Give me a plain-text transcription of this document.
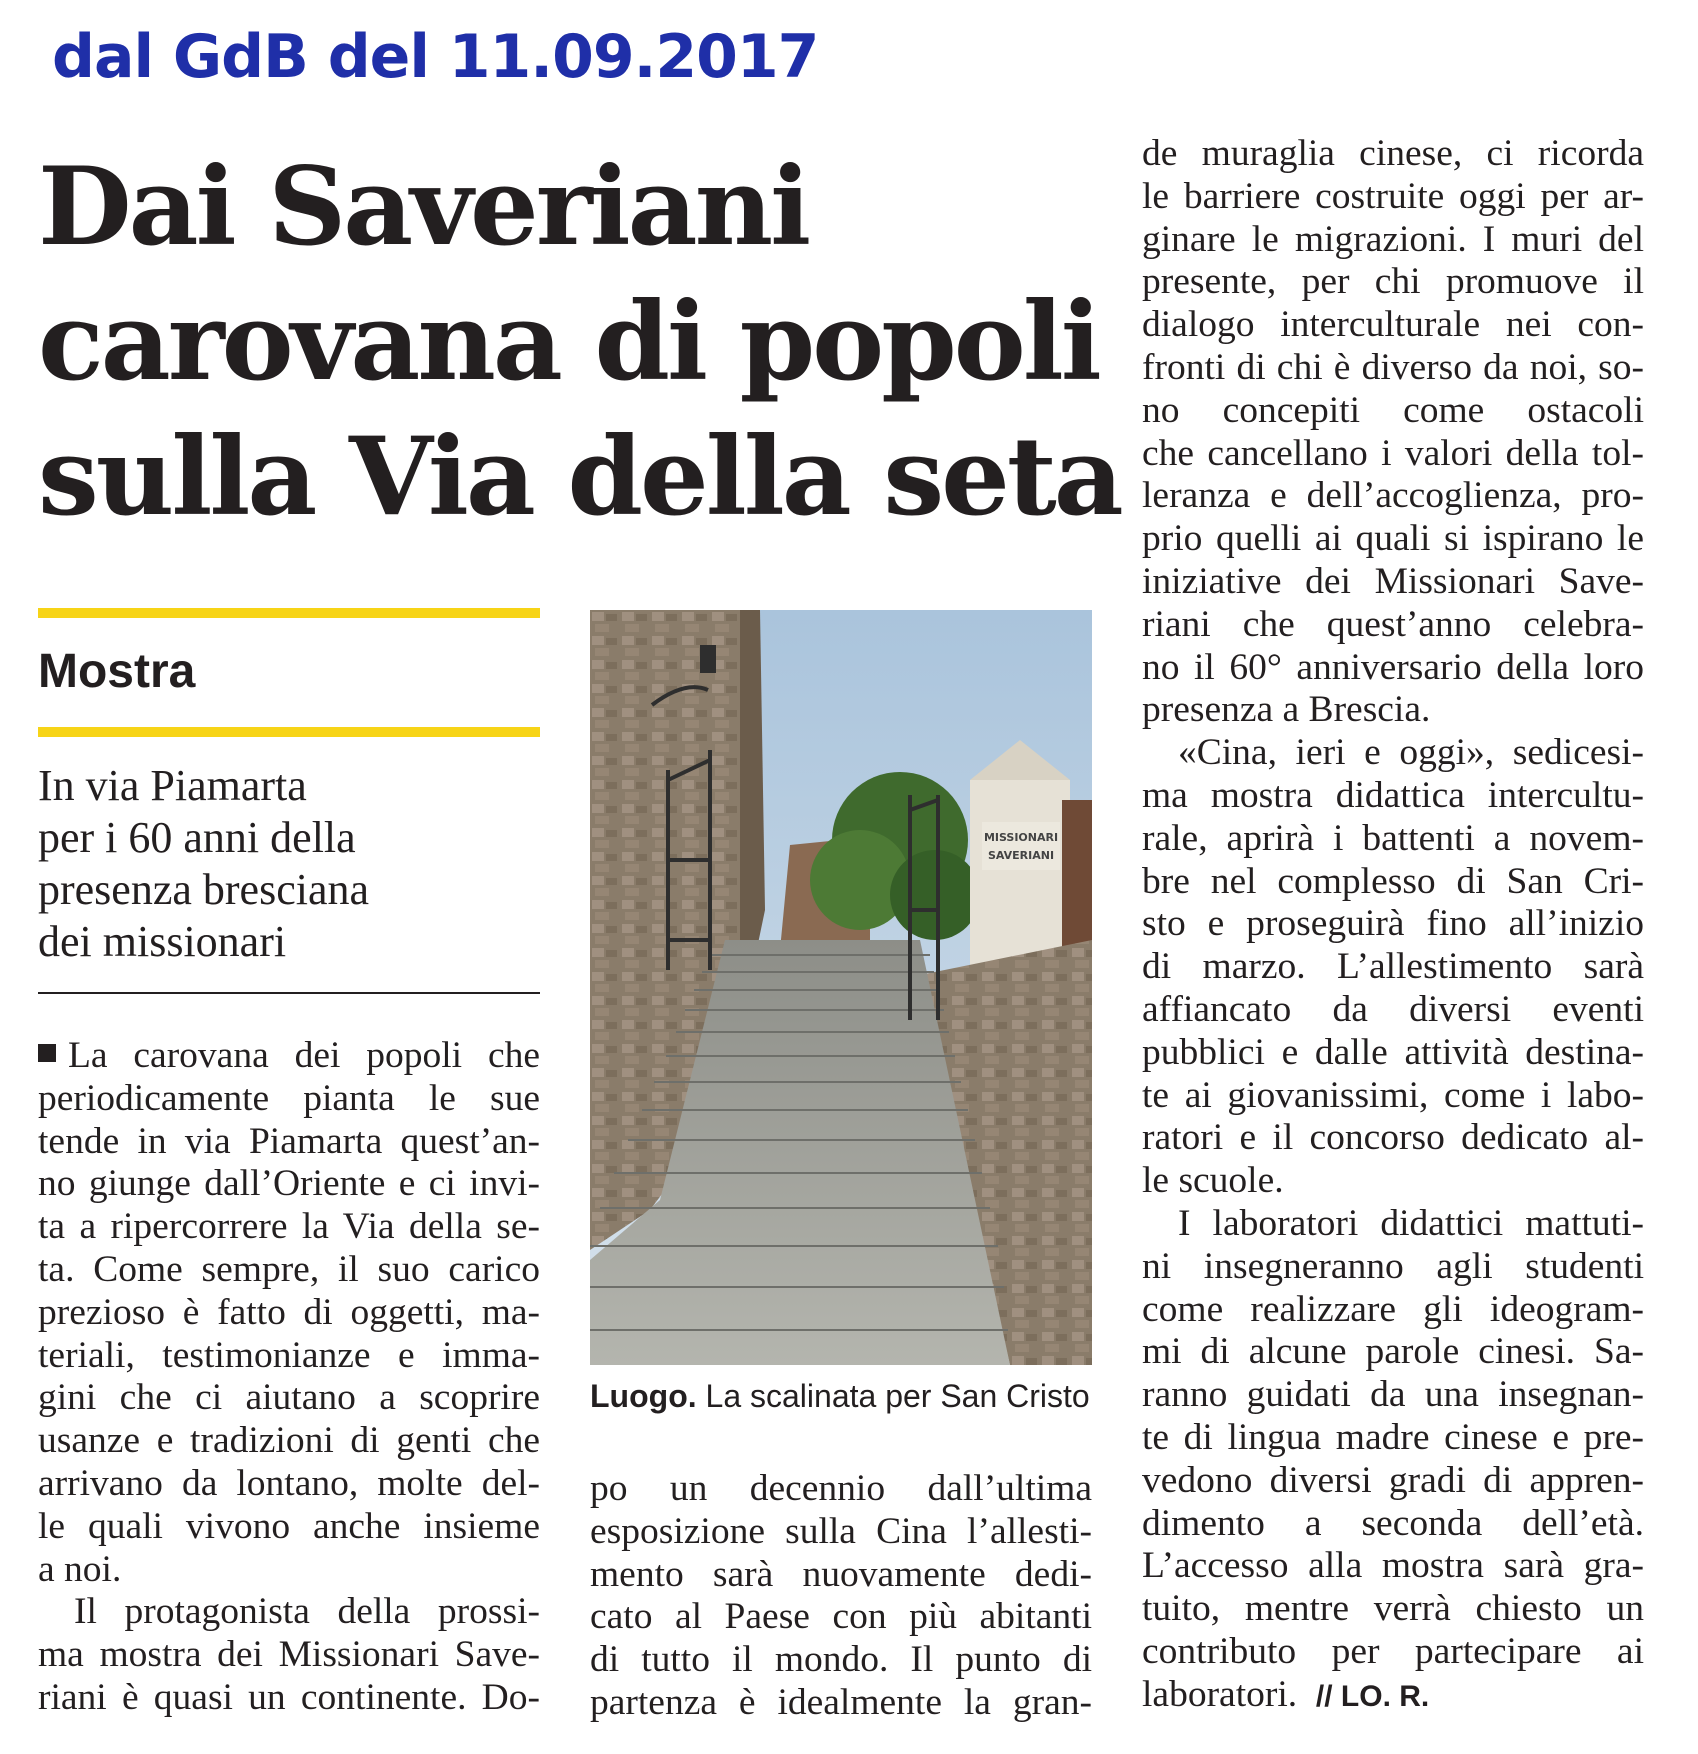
dal GdB del 11.09.2017
Dai Saveriani
carovana di popoli
sulla Via della seta
Mostra
In via Piamarta
per i 60 anni della
presenza bresciana
dei missionari
La carovana dei popoli che
periodicamente pianta le sue
tende in via Piamarta quest’an-
no giunge dall’Oriente e ci invi-
ta a ripercorrere la Via della se-
ta. Come sempre, il suo carico
prezioso è fatto di oggetti, ma-
teriali, testimonianze e imma-
gini che ci aiutano a scoprire
usanze e tradizioni di genti che
arrivano da lontano, molte del-
le quali vivono anche insieme
a noi.
Il protagonista della prossi-
ma mostra dei Missionari Save-
riani è quasi un continente. Do-
MISSIONARI
SAVERIANI
Luogo. La scalinata per San Cristo
po un decennio dall’ultima
esposizione sulla Cina l’allesti-
mento sarà nuovamente dedi-
cato al Paese con più abitanti
di tutto il mondo. Il punto di
partenza è idealmente la gran-
de muraglia cinese, ci ricorda
le barriere costruite oggi per ar-
ginare le migrazioni. I muri del
presente, per chi promuove il
dialogo interculturale nei con-
fronti di chi è diverso da noi, so-
no concepiti come ostacoli
che cancellano i valori della tol-
leranza e dell’accoglienza, pro-
prio quelli ai quali si ispirano le
iniziative dei Missionari Save-
riani che quest’anno celebra-
no il 60° anniversario della loro
presenza a Brescia.
«Cina, ieri e oggi», sedicesi-
ma mostra didattica intercultu-
rale, aprirà i battenti a novem-
bre nel complesso di San Cri-
sto e proseguirà fino all’inizio
di marzo. L’allestimento sarà
affiancato da diversi eventi
pubblici e dalle attività destina-
te ai giovanissimi, come i labo-
ratori e il concorso dedicato al-
le scuole.
I laboratori didattici mattuti-
ni insegneranno agli studenti
come realizzare gli ideogram-
mi di alcune parole cinesi. Sa-
ranno guidati da una insegnan-
te di lingua madre cinese e pre-
vedono diversi gradi di appren-
dimento a seconda dell’età.
L’accesso alla mostra sarà gra-
tuito, mentre verrà chiesto un
contributo per partecipare ai
laboratori. // LO. R.
